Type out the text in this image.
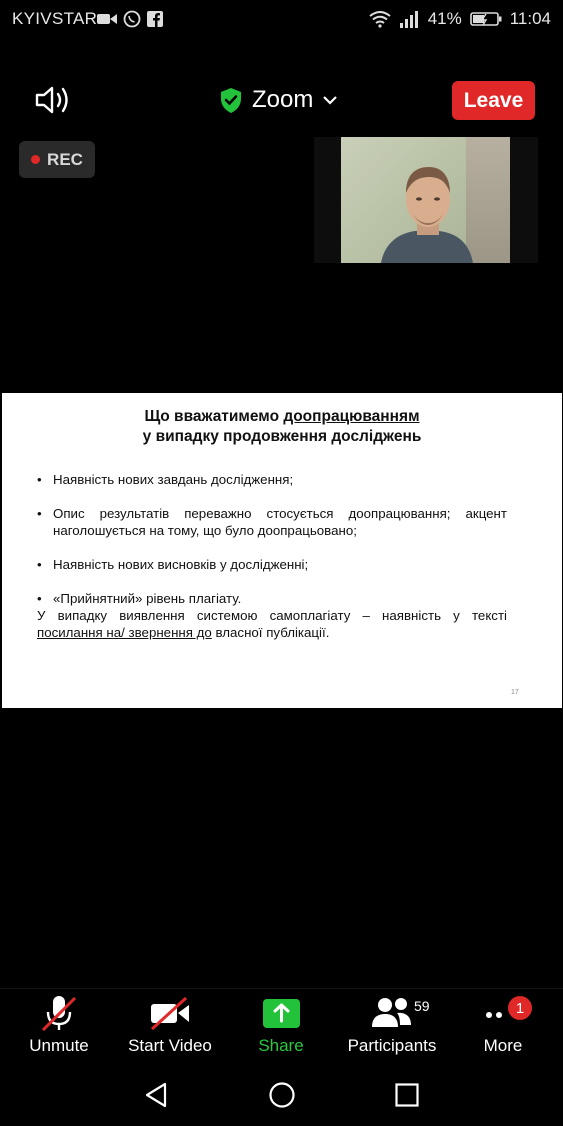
KYIVSTAR	41%	11:04
Zoom	Leave
REC
Що вважатимемо доопрацюванням
у випадку продовження досліджень
• Наявність нових завдань дослідження;
• Опис результатів переважно стосується доопрацювання; акцент наголошується на тому, що було доопрацьовано;
• Наявність нових висновків у дослідженні;
• «Прийнятний» рівень плагіату.
У випадку виявлення системою самоплагіату – наявність у тексті посилання на/ звернення до власної публікації.
17
Unmute Start Video	Share	Participants	More
59	1
